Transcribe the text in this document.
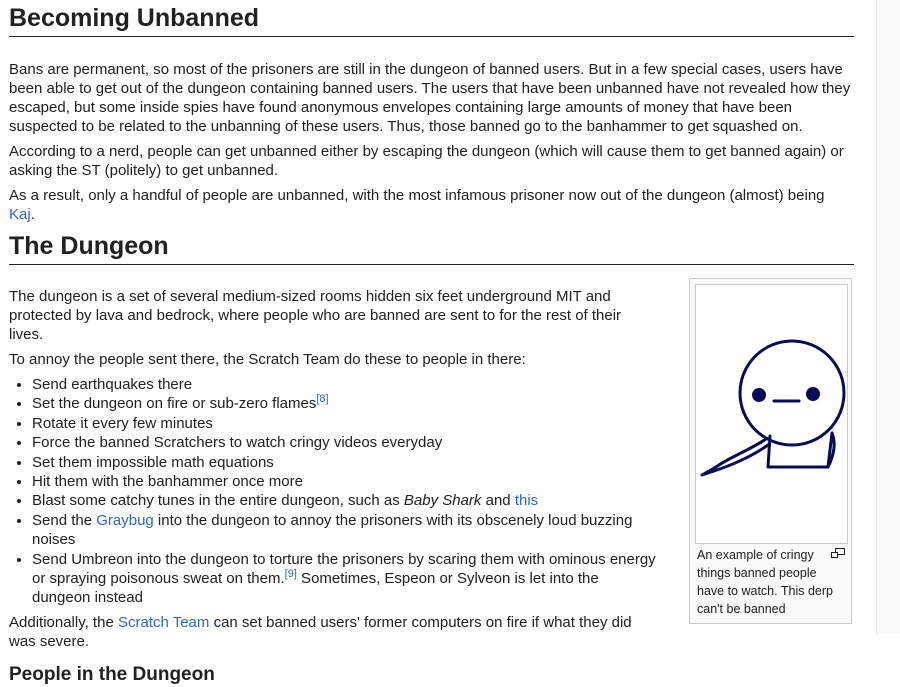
Becoming Unbanned

Bans are permanent, so most of the prisoners are still in the dungeon of banned users. But in a few special cases, users have been able to get out of the dungeon containing banned users. The users that have been unbanned have not revealed how they escaped, but some inside spies have found anonymous envelopes containing large amounts of money that have been suspected to be related to the unbanning of these users. Thus, those banned go to the banhammer to get squashed on.

According to a nerd, people can get unbanned either by escaping the dungeon (which will cause them to get banned again) or asking the ST (politely) to get unbanned.

As a result, only a handful of people are unbanned, with the most infamous prisoner now out of the dungeon (almost) being Kaj.

The Dungeon

The dungeon is a set of several medium-sized rooms hidden six feet underground MIT and protected by lava and bedrock, where people who are banned are sent to for the rest of their lives.

To annoy the people sent there, the Scratch Team do these to people in there:

• Send earthquakes there
• Set the dungeon on fire or sub-zero flames[8]
• Rotate it every few minutes
• Force the banned Scratchers to watch cringy videos everyday
• Set them impossible math equations
• Hit them with the banhammer once more
• Blast some catchy tunes in the entire dungeon, such as Baby Shark and this
• Send the Graybug into the dungeon to annoy the prisoners with its obscenely loud buzzing noises
• Send Umbreon into the dungeon to torture the prisoners by scaring them with ominous energy or spraying poisonous sweat on them.[9] Sometimes, Espeon or Sylveon is let into the dungeon instead

Additionally, the Scratch Team can set banned users' former computers on fire if what they did was severe.

People in the Dungeon
An example of cringy things banned people have to watch. This derp can't be banned
